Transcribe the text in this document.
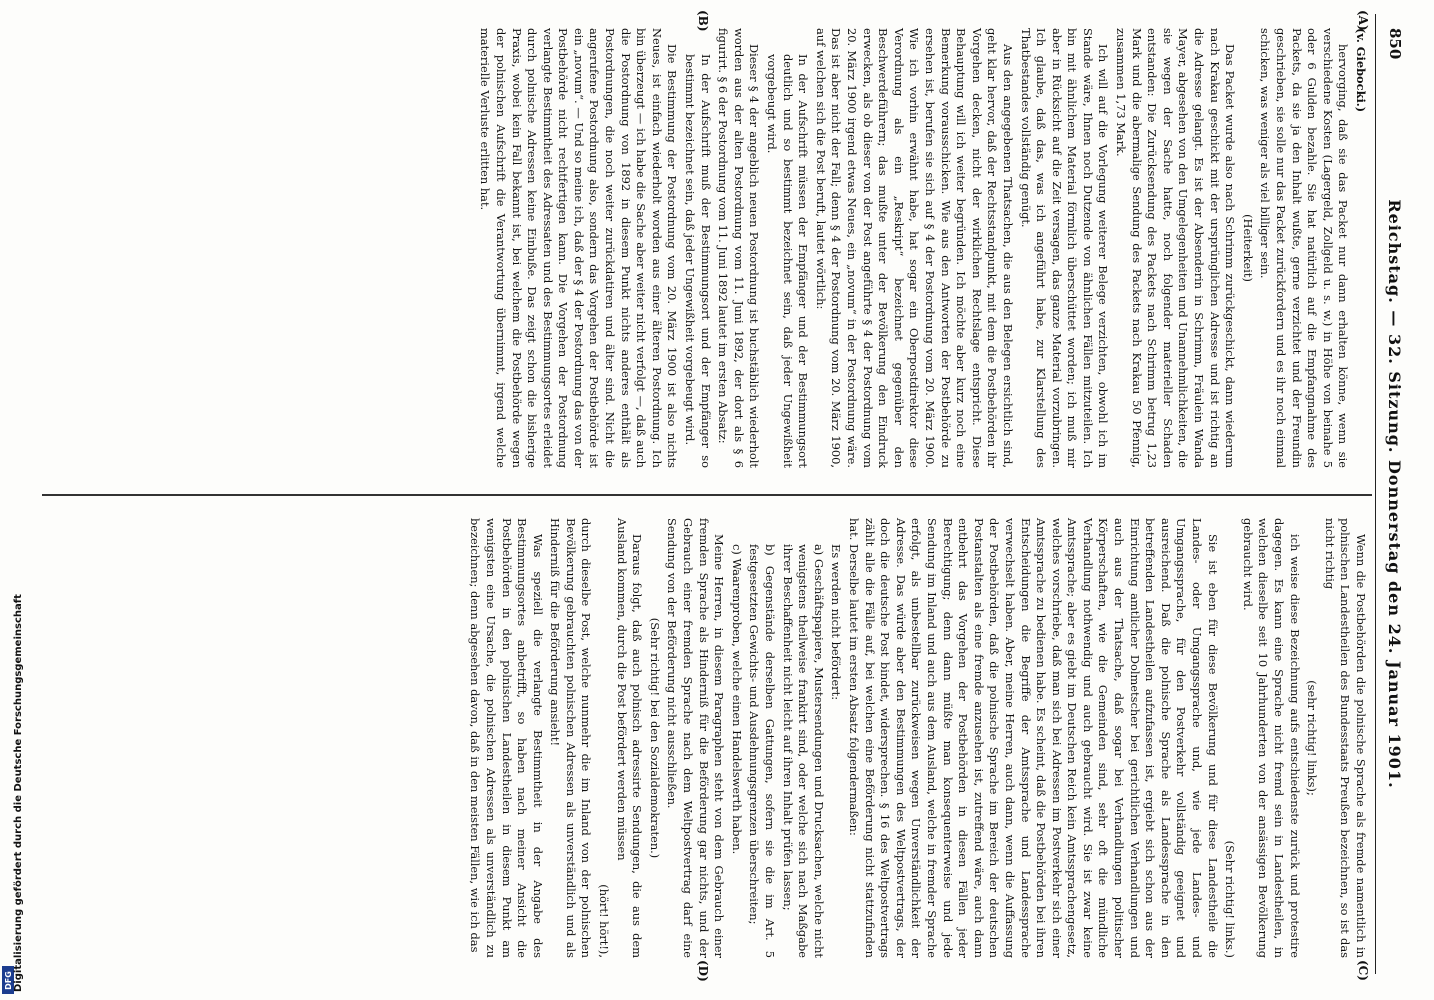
850
Reichstag. — 32. Sitzung. Donnerstag den 24. Januar 1901.
(A)
(B)
(C)
(D)

(v. Giebocki.)

hervorging, daß sie das Packet nur dann erhalten könne, wenn sie verschiedene Kosten (Lagergeld, Zollgeld u. s. w.) in Höhe von beinahe 5 oder 6 Gulden bezahle. Sie hat natürlich auf die Empfangnahme des Packets, da sie ja den Inhalt wußte, gerne verzichtet und der Freundin geschrieben, sie solle nur das Packet zurückfordern und es ihr noch einmal schicken, was weniger als viel billiger sein.

(Heiterkeit)

Das Packet wurde also nach Schrimm zurückgeschickt, dann wiederum nach Krakau geschickt mit der ursprünglichen Adresse und ist richtig an die Adresse gelangt. Es ist der Absenderin in Schrimm, Fräulein Wanda Mayer, abgesehen von den Umgelegenheiten und Unannehmlichkeiten, die sie wegen der Sache hatte, noch folgender materieller Schaden entstanden: Die Zurücksendung des Packets nach Schrimm betrug 1,23 Mark und die abermalige Sendung des Packets nach Krakau 50 Pfennig, zusammen 1,73 Mark.

Ich will auf die Vorlegung weiterer Belege verzichten, obwohl ich im Stande wäre, Ihnen noch Dutzende von ähnlichen Fällen mitzuteilen. Ich bin mit ähnlichem Material förmlich überschüttet worden; ich muß mir aber in Rücksicht auf die Zeit versagen, das ganze Material vorzubringen. Ich glaube, daß das, was ich angeführt habe, zur Klarstellung des Thatbestandes vollständig genügt.

Aus den angegebenen Thatsachen, die aus den Belegen ersichtlich sind, geht klar hervor, daß der Rechtsstandpunkt, mit dem die Postbehörden ihr Vorgehen decken, nicht der wirklichen Rechtslage entspricht. Diese Behauptung will ich weiter begründen. Ich möchte aber kurz noch eine Bemerkung vorausschicken. Wie aus den Antworten der Postbehörde zu ersehen ist, berufen sie sich auf § 4 der Postordnung vom 20. März 1900. Wie ich vorhin erwähnt habe, hat sogar ein Oberpostdirektor diese Verordnung als ein „Reskript“ bezeichnet gegenüber den Beschwerdeführern; das mußte unter der Bevölkerung den Eindruck erwecken, als ob dieser von der Post angeführte § 4 der Postordnung vom 20. März 1900 irgend etwas Neues, ein „novum“ in der Postordnung wäre. Das ist aber nicht der Fall; denn § 4 der Postordnung vom 20. März 1900, auf welchen sich die Post beruft, lautet wörtlich:

In der Aufschrift müssen der Empfänger und der Bestimmungsort deutlich und so bestimmt bezeichnet sein, daß jeder Ungewißheit vorgebeugt wird.

Dieser § 4 der angeblich neuen Postordnung ist buchstäblich wiederholt worden aus der alten Postordnung vom 11. Juni 1892, der dort als § 6 figurirt. § 6 der Postordnung vom 11. Juni 1892 lautet im ersten Absatz:

In der Aufschrift muß der Bestimmungsort und der Empfänger so bestimmt bezeichnet sein, daß jeder Ungewißheit vorgebeugt wird.

Die Bestimmung der Postordnung vom 20. März 1900 ist also nichts Neues, ist einfach wiederholt worden aus einer älteren Postordnung. Ich bin überzeugt — ich habe die Sache aber weiter nicht verfolgt —, daß auch die Postordnung von 1892 in diesem Punkt nichts anderes enthält als Postordnungen, die noch weiter zurückdatiren und älter sind. Nicht die angerufene Postordnung also, sondern das Vorgehen der Postbehörde ist ein „novum“. — Und so meine ich, daß der § 4 der Postordnung das von der Postbehörde nicht rechtfertigen kann. Die Vorgehen der Postordnung verlangte Bestimmtheit des Adressaten und des Bestimmungsortes erleidet durch polnische Adressen keine Einbuße. Das zeigt schon die bisherige Praxis, wobei kein Fall bekannt ist, bei welchem die Postbehörde wegen der polnischen Aufschrift die Verantwortung übernimmt, irgend welche materielle Verluste erlitten hat.

Wenn die Postbehörden die polnische Sprache als fremde namentlich in polnischen Landestheilen des Bundesstaats Preußen bezeichnen, so ist das nicht richtig

(sehr richtig! links);

ich weise diese Bezeichnung aufs entschiedenste zurück und protestire dagegen. Es kann eine Sprache nicht fremd sein in Landestheilen, in welchen dieselbe seit 10 Jahrhunderten von der ansässigen Bevölkerung gebraucht wird.

(Sehr richtig! links.)

Sie ist eben für diese Bevölkerung und für diese Landestheile die Landes- oder Umgangssprache und, wie jede Landes- und Umgangssprache, für den Postverkehr vollständig geeignet und ausreichend. Daß die polnische Sprache als Landessprache in den betreffenden Landestheilen aufzufassen ist, ergiebt sich schon aus der Einrichtung amtlicher Dolmetscher bei gerichtlichen Verhandlungen und auch aus der Thatsache, daß sogar bei Verhandlungen politischer Körperschaften, wie die Gemeinden sind, sehr oft die mündliche Verhandlung nothwendig und auch gebraucht wird. Sie ist zwar keine Amtssprache; aber es giebt im Deutschen Reich kein Amtssprachengesetz, welches vorschriebe, daß man sich bei Adressen im Postverkehr sich einer Amtssprache zu bedienen habe. Es scheint, daß die Postbehörden bei ihren Entscheidungen die Begriffe der Amtssprache und Landessprache verwechselt haben. Aber, meine Herren, auch dann, wenn die Auffassung der Postbehörden, daß die polnische Sprache im Bereich der deutschen Postanstalten als eine fremde anzusehen ist, zutreffend wäre, auch dann entbehrt das Vorgehen der Postbehörden in diesen Fällen jeder Berechtigung; denn dann müßte man konsequenterweise und jede Sendung im Inland und auch aus dem Ausland, welche in fremder Sprache erfolgt, als unbestellbar zurückweisen wegen Unverständlichkeit der Adresse. Das würde aber den Bestimmungen des Weltpostvertrags, der doch die deutsche Post bindet, widersprechen. § 16 des Weltpostvertrags zählt alle die Fälle auf, bei welchen eine Beförderung nicht stattzufinden hat. Derselbe lautet im ersten Absatz folgendermaßen:

Es werden nicht befördert:

a) Geschäftspapiere, Mustersendungen und Drucksachen, welche nicht wenigstens theilweise frankirt sind, oder welche sich nach Maßgabe ihrer Beschaffenheit nicht leicht auf ihren Inhalt prüfen lassen;

b) Gegenstände derselben Gattungen, sofern sie die im Art. 5 festgesetzten Gewichts- und Ausdehnungsgrenzen überschreiten;

c) Waarenproben, welche einen Handelswerth haben.

Meine Herren, in diesem Paragraphen steht von dem Gebrauch einer fremden Sprache als Hinderniß für die Beförderung gar nichts, und der Gebrauch einer fremden Sprache nach dem Weltpostvertrag darf eine Sendung von der Beförderung nicht ausschließen.

(Sehr richtig! bei den Sozialdemokraten.)

Daraus folgt, daß auch polnisch adressirte Sendungen, die aus dem Ausland kommen, durch die Post befördert werden müssen

(hört! hört!),

durch dieselbe Post, welche nunmehr die im Inland von der polnischen Bevölkerung gebrauchten polnischen Adressen als unverständlich und als Hinderniß für die Beförderung ansieht!

Was speziell die verlangte Bestimmtheit in der Angabe des Bestimmungsortes anbetrifft, so haben nach meiner Ansicht die Postbehörden in den polnischen Landestheilen in diesem Punkt am wenigsten eine Ursache, die polnischen Adressen als unverständlich zu bezeichnen; denn abgesehen davon, daß in den meisten Fällen, wie ich das

DFG Digitalisierung gefördert durch die Deutsche Forschungsgemeinschaft
